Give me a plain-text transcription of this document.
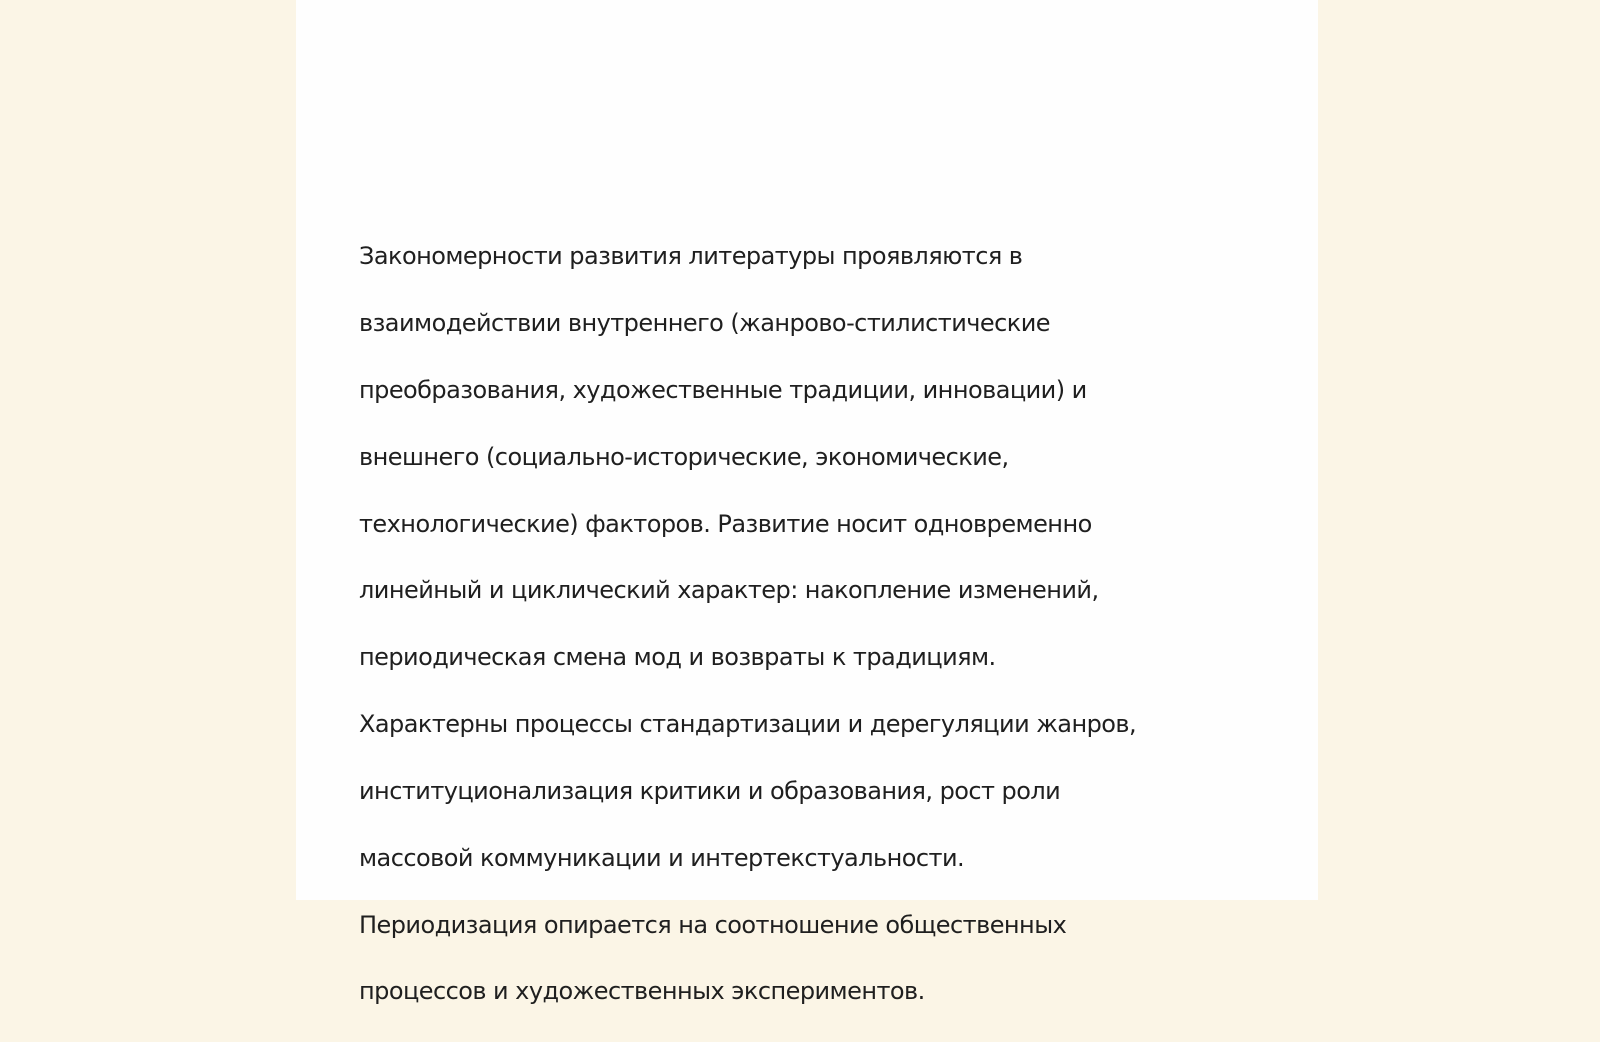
Закономерности развития литературы проявляются в

взаимодействии внутреннего (жанрово-стилистические

преобразования, художественные традиции, инновации) и

внешнего (социально-исторические, экономические,

технологические) факторов. Развитие носит одновременно

линейный и циклический характер: накопление изменений,

периодическая смена мод и возвраты к традициям.

Характерны процессы стандартизации и дерегуляции жанров,

институционализация критики и образования, рост роли

массовой коммуникации и интертекстуальности.

Периодизация опирается на соотношение общественных

процессов и художественных экспериментов.
